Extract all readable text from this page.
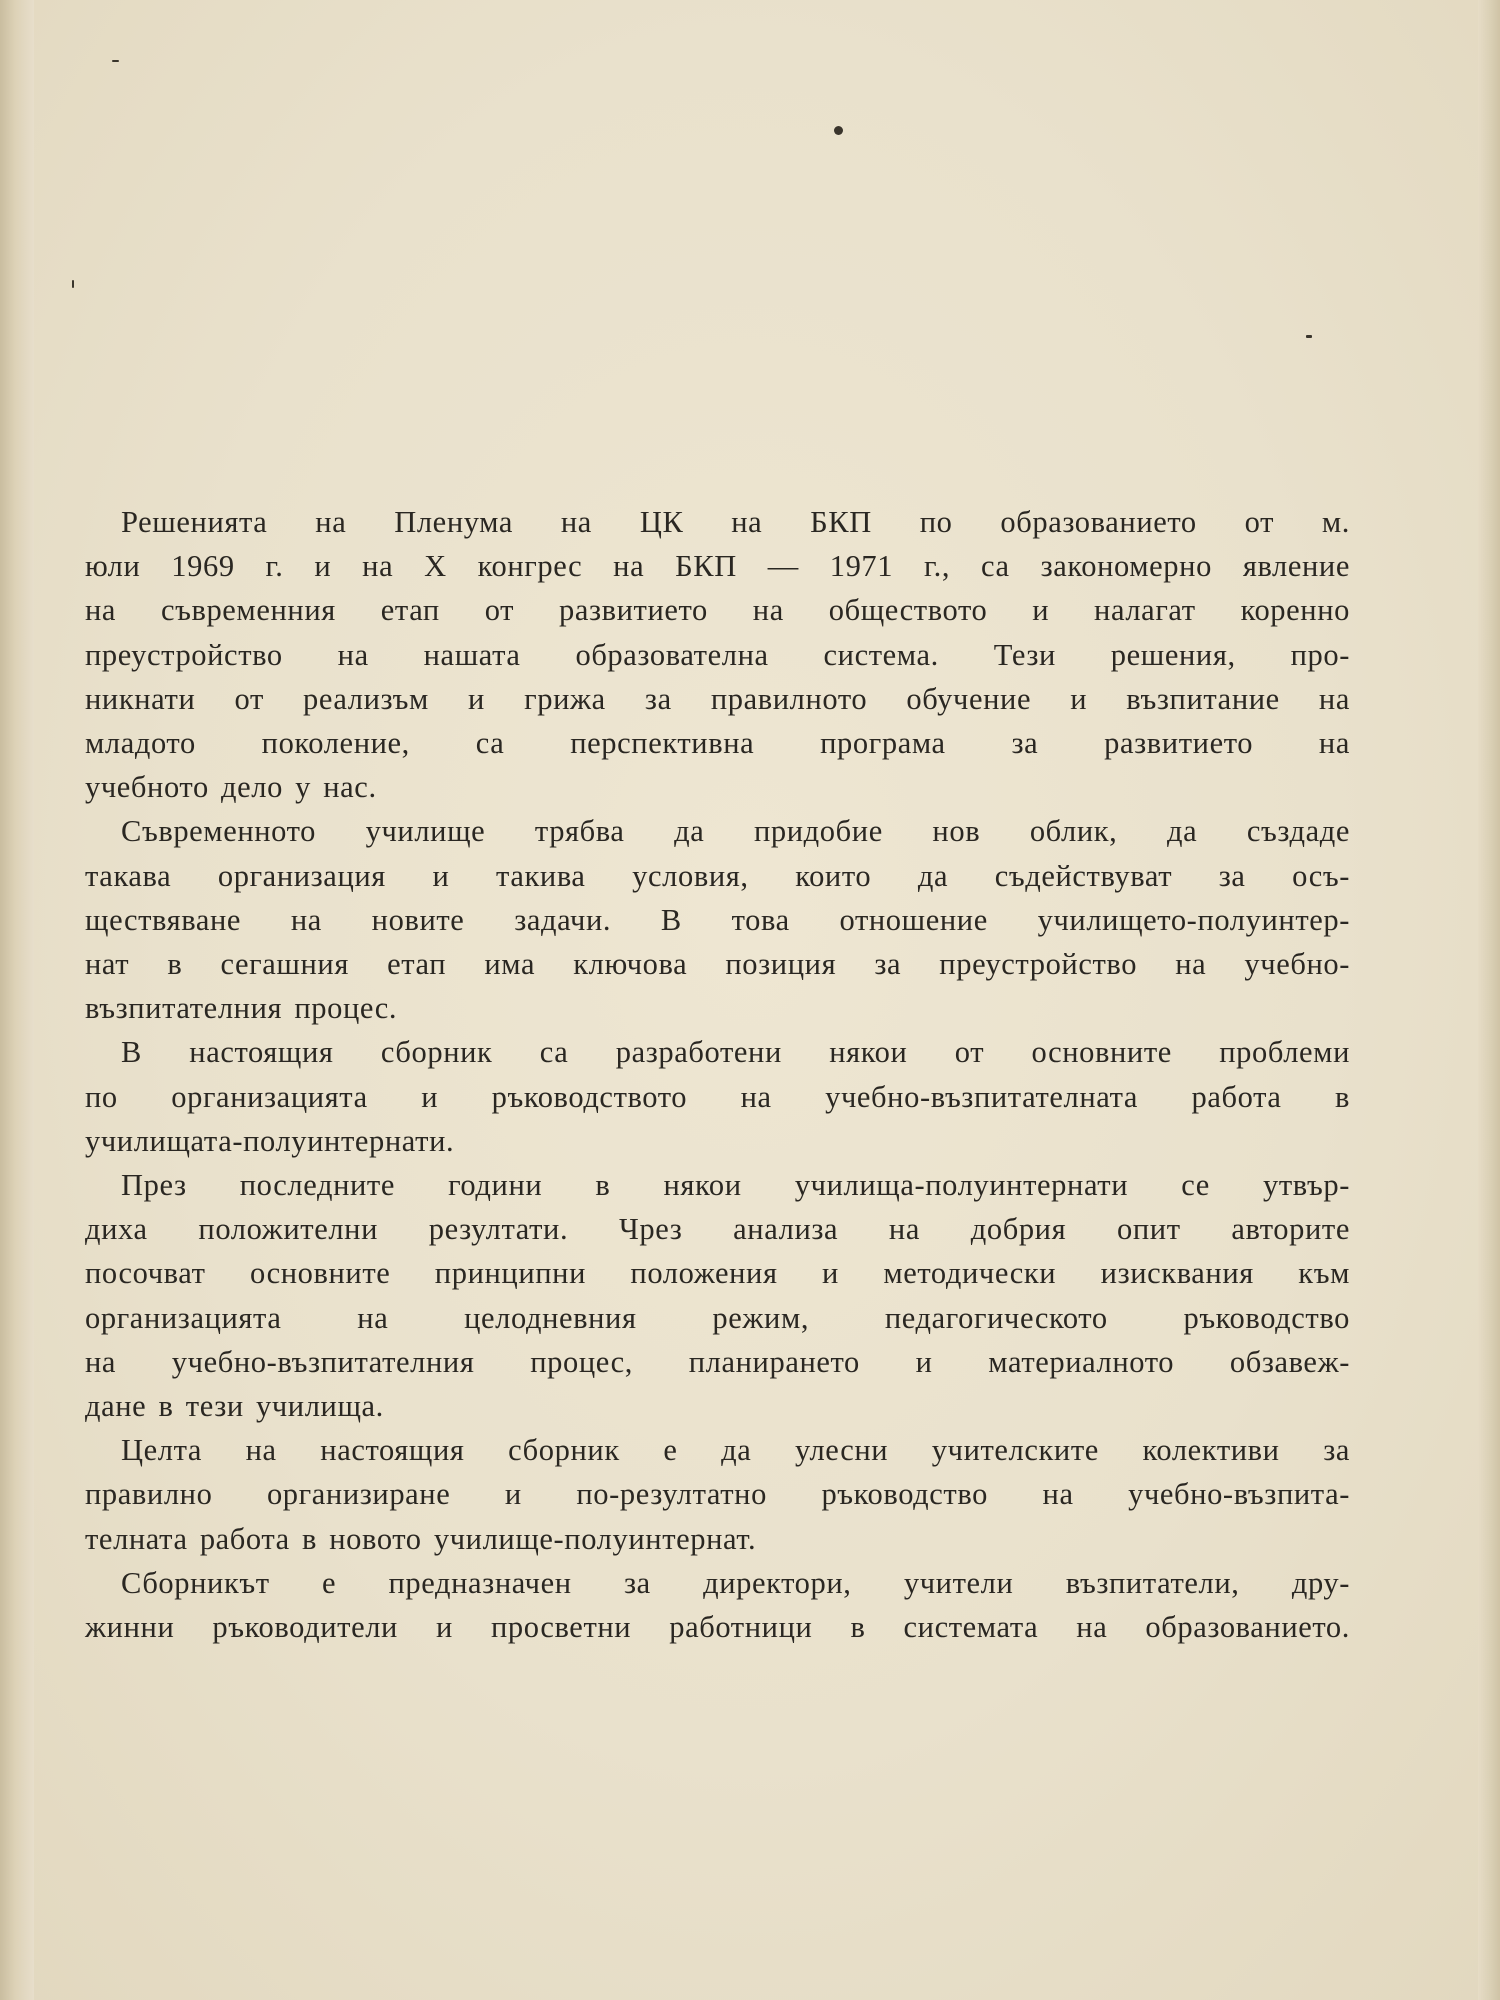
Решенията на Пленума на ЦК на БКП по образованието от м.
юли 1969 г. и на X конгрес на БКП — 1971 г., са закономерно явление
на съвременния етап от развитието на обществото и налагат коренно
преустройство на нашата образователна система. Тези решения, про-
никнати от реализъм и грижа за правилното обучение и възпитание на
младото поколение, са перспективна програма за развитието на
учебното дело у нас.

Съвременното училище трябва да придобие нов облик, да създаде
такава организация и такива условия, които да съдействуват за осъ-
ществяване на новите задачи. В това отношение училището-полуинтер-
нат в сегашния етап има ключова позиция за преустройство на учебно-
възпитателния процес.

В настоящия сборник са разработени някои от основните проблеми
по организацията и ръководството на учебно-възпитателната работа в
училищата-полуинтернати.

През последните години в някои училища-полуинтернати се утвър-
диха положителни резултати. Чрез анализа на добрия опит авторите
посочват основните принципни положения и методически изисквания към
организацията на целодневния режим, педагогическото ръководство
на учебно-възпитателния процес, планирането и материалното обзавеж-
дане в тези училища.

Целта на настоящия сборник е да улесни учителските колективи за
правилно организиране и по-резултатно ръководство на учебно-възпита-
телната работа в новото училище-полуинтернат.

Сборникът е предназначен за директори, учители възпитатели, дру-
жинни ръководители и просветни работници в системата на образованието.
